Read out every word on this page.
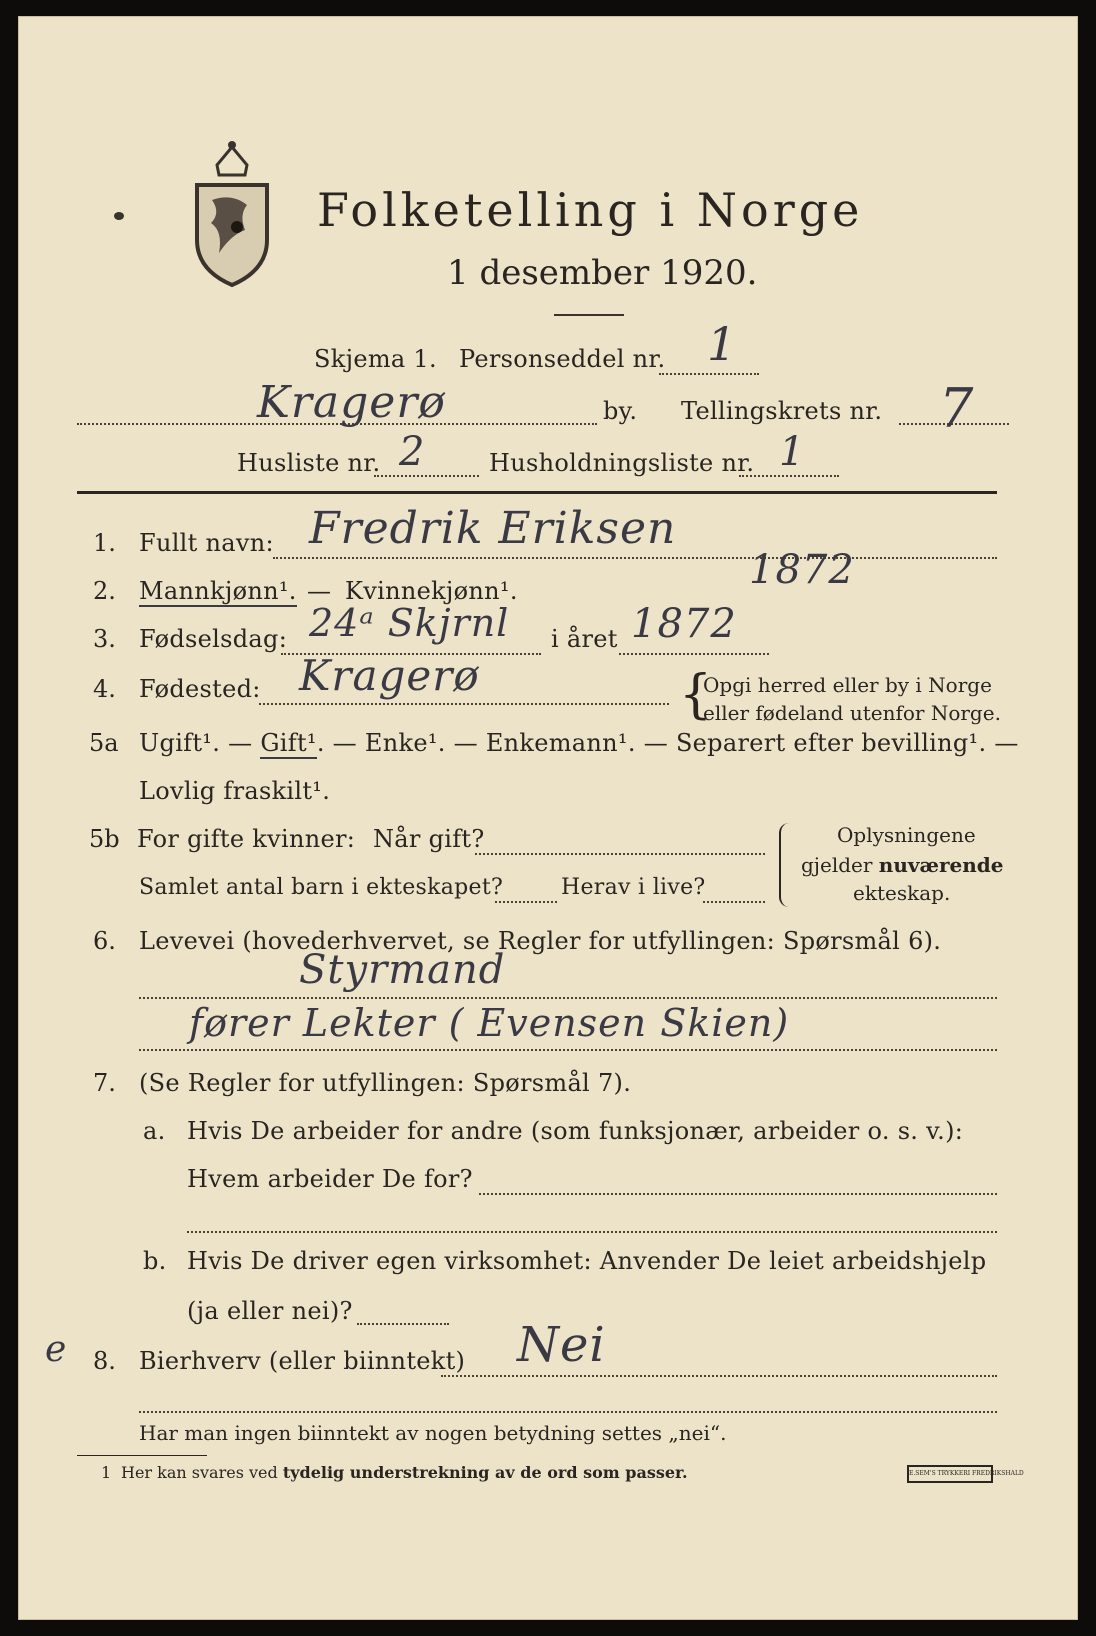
Folketelling i Norge
1 desember 1920.
Skjema 1. Personseddel nr. 1
Kragerø	by. Tellingskrets nr. 7
Husliste nr. 2	Husholdningsliste nr. 1
1. Fullt navn: Fredrik Eriksen
2. Mannkjønn¹. — Kvinnekjønn¹.	1872
3. Fødselsdag: 24ᵃ Skjrnl i året 1872
4. Fødested: Kragerø	{
Opgi herred eller by i Norge
eller fødeland utenfor Norge.
5a Ugift¹. — Gift¹. — Enke¹. — Enkemann¹. — Separert efter bevilling¹. —
Lovlig fraskilt¹.
5b For gifte kvinner: Når gift?
Samlet antal barn i ekteskapet?	Herav i live?
Oplysningene
gjelder nuværende
ekteskap.
6. Levevei (hovederhvervet, se Regler for utfyllingen: Spørsmål 6).
Styrmand
fører Lekter ( Evensen Skien)
7. (Se Regler for utfyllingen: Spørsmål 7).
a. Hvis De arbeider for andre (som funksjonær, arbeider o. s. v.):
Hvem arbeider De for?
b. Hvis De driver egen virksomhet: Anvender De leiet arbeidshjelp
(ja eller nei)?
e 8. Bierhverv (eller biinntekt) Nei
Har man ingen biinntekt av nogen betydning settes „nei“.
1 Her kan svares ved tydelig understrekning av de ord som passer.	E.SEM'S TRYKKERI FREDRIKSHALD
